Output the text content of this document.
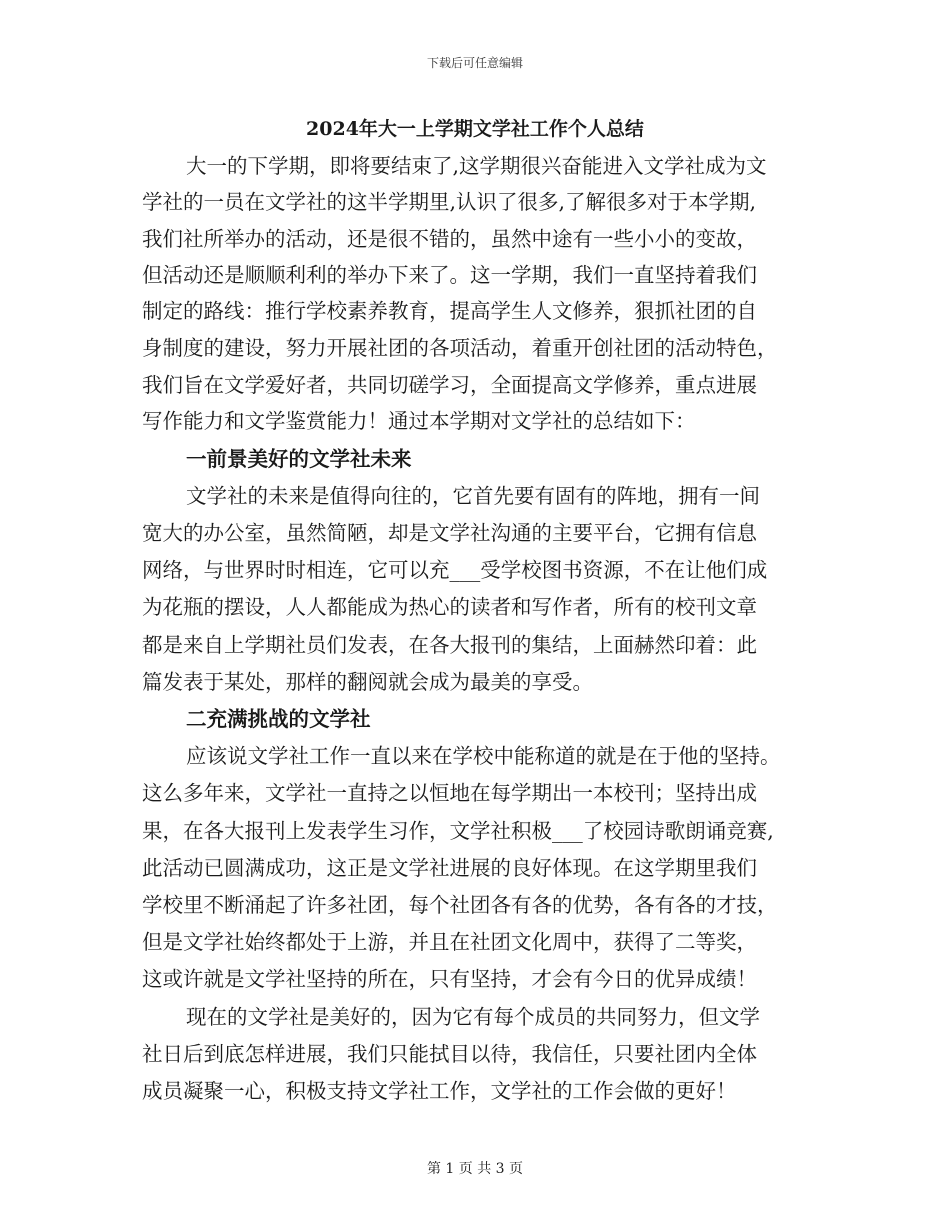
下载后可任意编辑
2024年大一上学期文学社工作个人总结
大一的下学期，即将要结束了,这学期很兴奋能进入文学社成为文
学社的一员在文学社的这半学期里,认识了很多,了解很多对于本学期,
我们社所举办的活动，还是很不错的，虽然中途有一些小小的变故，
但活动还是顺顺利利的举办下来了。这一学期，我们一直坚持着我们
制定的路线：推行学校素养教育，提高学生人文修养，狠抓社团的自
身制度的建设，努力开展社团的各项活动，着重开创社团的活动特色，
我们旨在文学爱好者，共同切磋学习，全面提高文学修养，重点进展
写作能力和文学鉴赏能力！通过本学期对文学社的总结如下：
一前景美好的文学社未来
文学社的未来是值得向往的，它首先要有固有的阵地，拥有一间
宽大的办公室，虽然简陋，却是文学社沟通的主要平台，它拥有信息
网络，与世界时时相连，它可以充___受学校图书资源，不在让他们成
为花瓶的摆设，人人都能成为热心的读者和写作者，所有的校刊文章
都是来自上学期社员们发表，在各大报刊的集结，上面赫然印着：此
篇发表于某处，那样的翻阅就会成为最美的享受。
二充满挑战的文学社
应该说文学社工作一直以来在学校中能称道的就是在于他的坚持。
这么多年来，文学社一直持之以恒地在每学期出一本校刊；坚持出成
果，在各大报刊上发表学生习作，文学社积极___了校园诗歌朗诵竞赛,
此活动已圆满成功，这正是文学社进展的良好体现。在这学期里我们
学校里不断涌起了许多社团，每个社团各有各的优势，各有各的才技，
但是文学社始终都处于上游，并且在社团文化周中，获得了二等奖，
这或许就是文学社坚持的所在，只有坚持，才会有今日的优异成绩！
现在的文学社是美好的，因为它有每个成员的共同努力，但文学
社日后到底怎样进展，我们只能拭目以待，我信任，只要社团内全体
成员凝聚一心，积极支持文学社工作，文学社的工作会做的更好！
第 1 页 共 3 页
